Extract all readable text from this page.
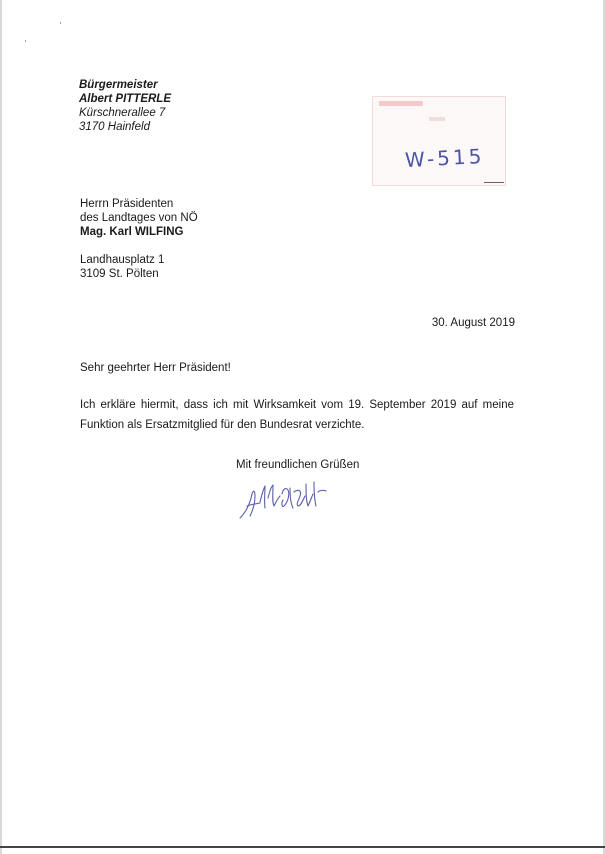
Bürgermeister
Albert PITTERLE
Kürschnerallee 7
3170 Hainfeld
W-515
Herrn Präsidenten
des Landtages von NÖ
Mag. Karl WILFING
Landhausplatz 1
3109 St. Pölten
30. August 2019
Sehr geehrter Herr Präsident!
Ich erkläre hiermit, dass ich mit Wirksamkeit vom 19. September 2019 auf meine Funktion als Ersatzmitglied für den Bundesrat verzichte.
Mit freundlichen Grüßen
